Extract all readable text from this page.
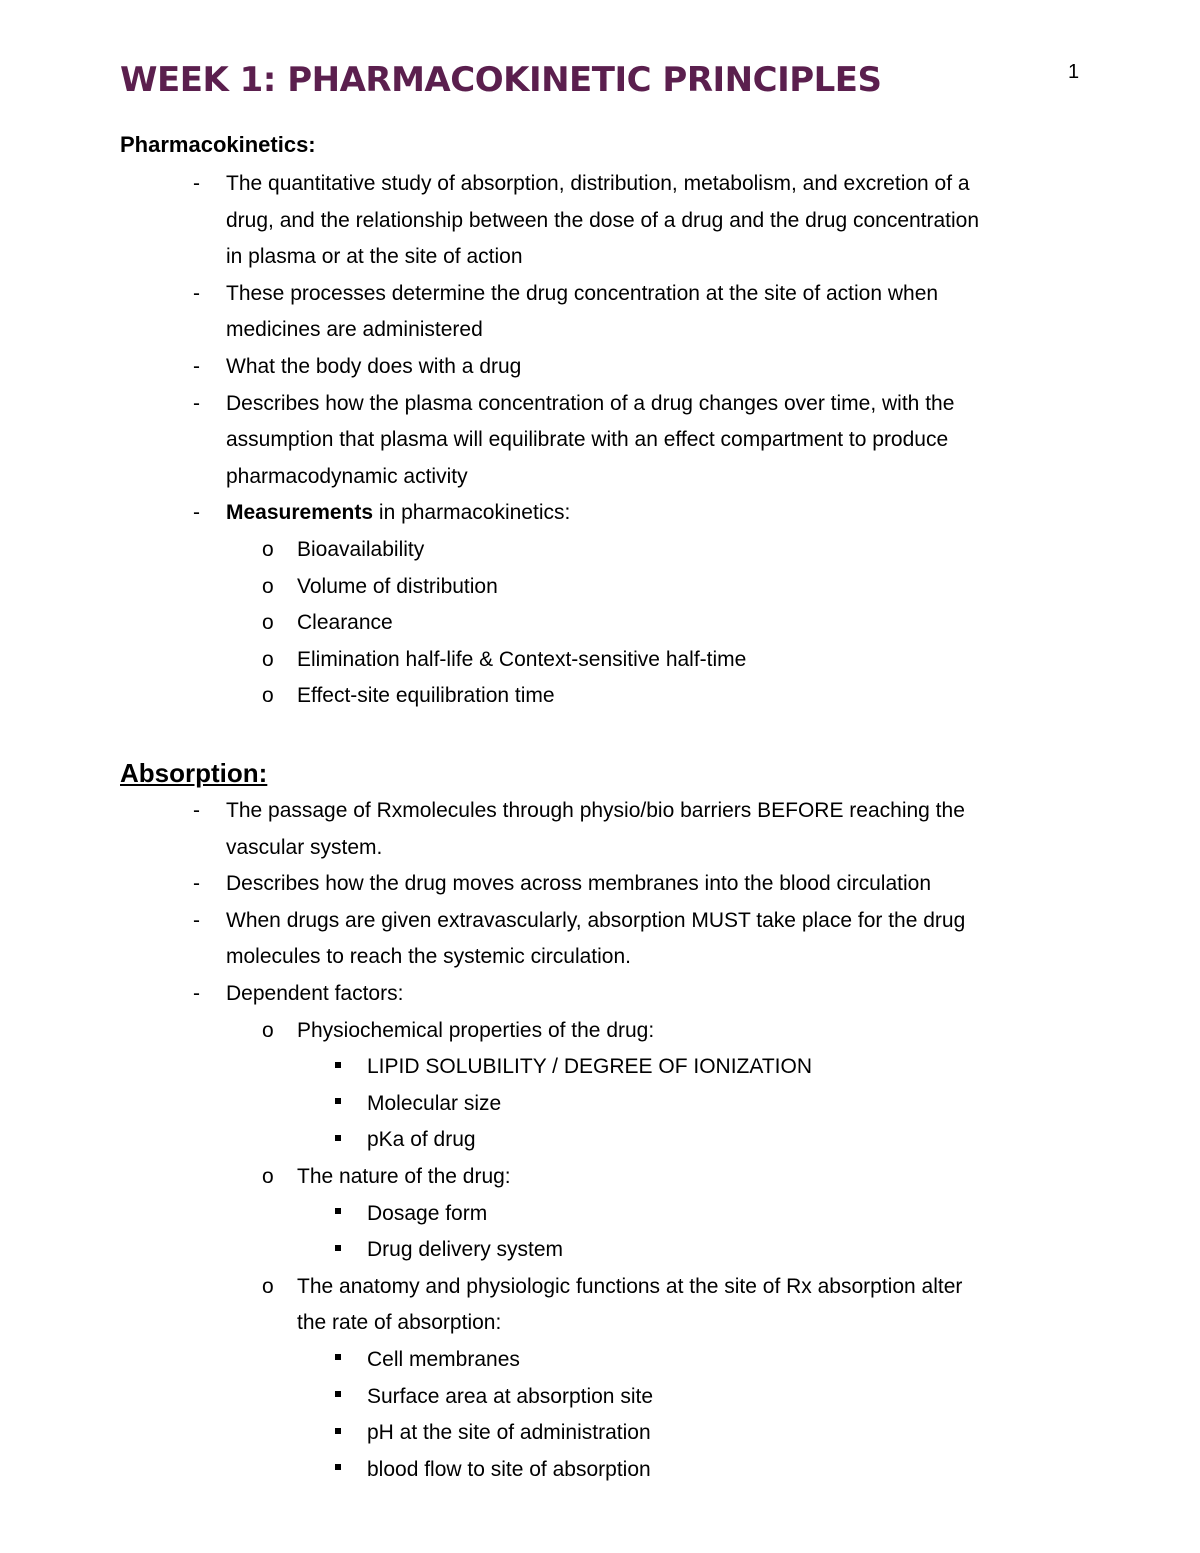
WEEK 1: PHARMACOKINETIC PRINCIPLES	1
Pharmacokinetics:
- The quantitative study of absorption, distribution, metabolism, and excretion of a

drug, and the relationship between the dose of a drug and the drug concentration

in plasma or at the site of action

- These processes determine the drug concentration at the site of action when

medicines are administered

- What the body does with a drug

- Describes how the plasma concentration of a drug changes over time, with the

assumption that plasma will equilibrate with an effect compartment to produce

pharmacodynamic activity

- Measurements in pharmacokinetics:

o Bioavailability

o Volume of distribution

o Clearance

o Elimination half-life & Context-sensitive half-time

o Effect-site equilibration time

Absorption:
- The passage of Rxmolecules through physio/bio barriers BEFORE reaching the

vascular system.

- Describes how the drug moves across membranes into the blood circulation

- When drugs are given extravascularly, absorption MUST take place for the drug

molecules to reach the systemic circulation.

- Dependent factors:

o Physiochemical properties of the drug:

LIPID SOLUBILITY / DEGREE OF IONIZATION

Molecular size

pKa of drug

o The nature of the drug:

Dosage form

Drug delivery system

o The anatomy and physiologic functions at the site of Rx absorption alter

the rate of absorption:

Cell membranes

Surface area at absorption site

pH at the site of administration

blood flow to site of absorption
